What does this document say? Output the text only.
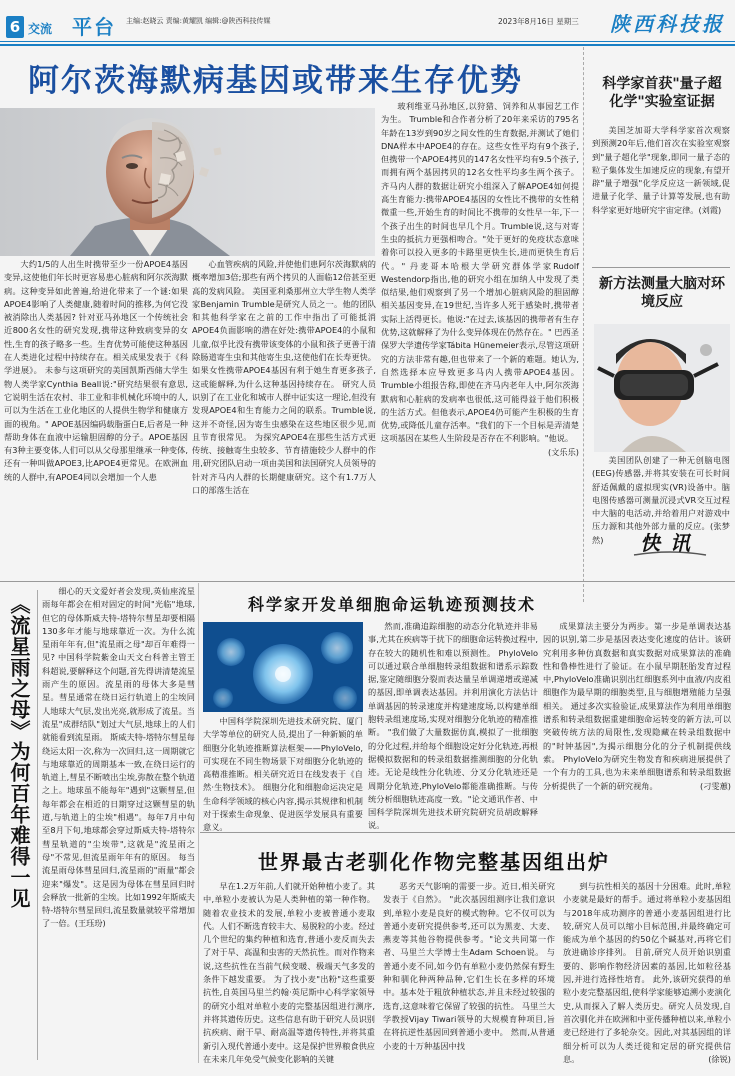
6 交流 平台 主编:赵晓云 责编:黄耀凯 编辑:@陕西科技传媒	2023年8月16日 星期三 陕西科技报
阿尔茨海默病基因或带来生存优势

大约1/5的人出生时携带至少一份APOE4基因变异,这使他们年长时更容易患心脏病和阿尔茨海默病。这种变异如此普遍,给进化带来了一个谜:如果APOE4影响了人类健康,随着时间的推移,为何它没被消除出人类基因? 针对亚马孙地区一个传统社会近800名女性的研究发现,携带这种致病变异的女性,生育的孩子略多一些。生育优势可能使这种基因在人类进化过程中持续存在。相关成果发表于《科学进展》。 未参与这项研究的美国凯斯西储大学生物人类学家Cynthia Beall说:"研究结果很有意思,它说明生活在农村、非工业和非机械化环境中的人,可以为生活在工业化地区的人提供生物学和健康方面的视角。" APOE基因编码载脂蛋白E,后者是一种帮助身体在血液中运输胆固醇的分子。APOE基因有3种主要变体,人们可以从父母那里继承一种变体,还有一种叫做APOE3,比APOE4更常见。在欧洲血统的人群中,有APOE4同以会增加一个人患

心血管疾病的风险,并使他们患阿尔茨海默病的概率增加3倍;那些有两个拷贝的人面临12倍甚至更高的发病风险。 美国亚利桑那州立大学生物人类学家Benjamin Trumble是研究人员之一。他的团队和其他科学家在之前的工作中指出了可能抵消APOE4负面影响的潜在好处:携带APOE4的小鼠和儿童,似乎比没有携带该变体的小鼠和孩子更善于清除肠道寄生虫和其他寄生虫,这使他们在长寿更快。如果女性携带APOE4基因有利于她生育更多孩子,这或能解释,为什么这种基因持续存在。 研究人员识别了在工业化和城市人群中证实这一理论,但没有发现APOE4和生育能力之间的联系。Trumble说,这并不奇怪,因为寄生虫感染在这些地区很少见,而且节育很常见。 为探究APOE4在那些生活方式更传统、接触寄生虫较多、节育措施较少人群中的作用,研究团队启动一项由美国和法国研究人员领导的针对齐马内人群的长期健康研究。这个有1.7万人口的部落生活在

玻利维亚马孙地区,以狩猎、饲养和从事园艺工作为生。 Trumble和合作者分析了20年来采访的795名年龄在13岁到90岁之间女性的生育数据,并测试了她们DNA样本中APOE4的存在。这些女性平均有9个孩子,但携带一个APOE4拷贝的147名女性平均有9.5个孩子,而拥有两个基因拷贝的12名女性平均多生两个孩子。 齐马内人群的数据让研究小组深入了解APOE4如何提高生育能力:携带APOE4基因的女性比不携带的女性稍微重一些,开始生育的时间比不携带的女性早一年,下一个孩子出生的时间也早几个月。Trumble说,这与对寄生虫的抵抗力更强相吻合。"处于更好的免疫状态意味着你可以投入更多的卡路里更快生长,进而更快生育后代。" 丹麦哥本哈根大学研究群体学家Rudolf Westendorp指出,他的研究小组在加纳人中发现了类似结果,他们观察到了另一个增加心脏病风险的胆固醇相关基因变异,在19世纪,当许多人死于感染时,携带者实际上活得更长。他说:"在过去,该基因的携带者有生存优势,这就解释了为什么变异体现在仍然存在。" 巴西圣保罗大学遗传学家Tábita Hünemeier表示,尽管这项研究的方法非常有趣,但也带来了一个新的难题。她认为,自然选择本应导致更多马内人携带APOE4基因。 Trumble小组报告称,即使在齐马内老年人中,阿尔茨海默病和心脏病的发病率也很低,这可能得益于他们积极的生活方式。但他表示,APOE4仍可能产生积极的生育优势,或降低儿童存活率。"我们的下一个目标是弄清楚这项基因在某些人生阶段是否存在不利影响。"他说。
(文乐乐)

科学家首获"量子超化学"实验室证据

美国芝加哥大学科学家首次观察到预测20年后,他们首次在实验室观察到"量子超化学"现象,即同一量子态的粒子集体发生加速反应的现象,有望开辟"量子增强"化学反应这一新领域,促进量子化学、量子计算等发展,也有助科学家更好地研究宇宙定律。(刘霞)

新方法测量大脑对环境反应

美国团队创建了一种无创脑电图(EEG)传感器,并将其安装在可长时间舒适佩戴的虚拟现实(VR)设备中。脑电图传感器可测量沉浸式VR交互过程中大脑的电活动,并给着用户对游戏中压力源和其他外部力量的反应。(张梦然)	快讯
《流星雨之母》为何百年难得一见

细心的天文爱好者会发现,英仙座流星雨每年都会在相对固定的时间"光临"地球,但它的母体斯威夫特-塔特尔彗星却要相隔130多年才能与地球靠近一次。为什么流星雨年年有,但"流星雨之母"却百年难得一见? 中国科学院紫金山天文台科普主管王科超说,要解释这个问题,首先得讲清楚流星雨产生的原因。流星雨的母体大多是彗星。彗星通常在绕日运行轨道上的尘埃同人地球大气层,发出光亮,就形成了流星。当流星"成群结队"划过大气层,地球上的人们就能看到流星雨。 斯威夫特-塔特尔彗星每绕运太阳一次,称为一次回归,这一周期就它与地球靠近的周期基本一致,在绕日运行的轨道上,彗星不断喷出尘埃,弥散在整个轨道之上。地球虽不能每年"遇到"这颗彗星,但每年都会在相近的日期穿过这颗彗星的轨道,与轨道上的尘埃"相遇"。每年7月中旬至8月下旬,地球都会穿过斯威夫特-塔特尔彗星轨道的"尘埃带",这就是"流星雨之母"不常见,但流星雨年年有的原因。 每当流星雨母体彗星回归,流星雨的"雨量"都会迎来"爆发"。这是因为母体在彗星回归时会释放一批新的尘埃。比如1992年斯威夫特-塔特尔彗星回归,流星数量就较平常增加了一倍。(王珏玢)

科学家开发单细胞命运轨迹预测技术

中国科学院深圳先进技术研究院、厦门大学等单位的研究人员,提出了一种新颖的单细胞分化轨迹推断算法框架——PhyloVelo,可实现在不同生物场景下对细胞分化轨迹的高精准推断。相关研究近日在线发表于《自然·生物技术》。 细胞分化和细胞命运决定是生命科学领域的核心内容,揭示其规律和机制对于探索生命现象、促进医学发展具有重要意义。

然而,准确追踪细胞的动态分化轨迹并非易事,尤其在疾病等于扰下的细胞命运转换过程中,存在较大的随机性和难以预测性。 PhyloVelo可以通过联合单细胞转录组数据和谱系示踪数据,鉴定随细胞分裂而表达量呈单调递增或递减的基因,即单调表达基因。并利用演化方法估计单调基因的转录速度并构建速度场,以构建单细胞转录组速度场,实现对细胞分化轨迹的精准推断。 "我们做了大量数据仿真,模拟了一批细胞的分化过程,并给每个细胞设定好分化轨迹,再根据模拟数据和的转录组数据推测细胞的分化轨迹。无论是线性分化轨迹、分叉分化轨迹还是周期分化轨迹,PhyloVelo都能准确推断。与传统分析细胞轨迹高度一致。"论文通讯作者、中国科学院深圳先进技术研究院研究员胡政解释说。

成果算法主要分为两步。第一步是单调表达基因的识别,第二步是基因表达变化速度的估计。该研究利用多种仿真数据和真实数据对成果算法的准确性和鲁棒性进行了验证。在小鼠早期胚胎发育过程中,PhyloVelo准确识别出红细胞系列中血液/内皮祖细胞作为最早期的细胞类型,且与细胞增殖能力呈强相关。 通过多次实验验证,成果算法作为利用单细胞谱系和转录组数据重建细胞命运转变的新方法,可以突破传统方法的局限性,发现隐藏在转录组数据中的"时钟基因",为揭示细胞分化的分子机制提供线索。 PhyloVelo为研究生物发育和疾病进展提供了一个有力的工具,也为未来单细胞谱系和转录组数据分析提供了一个新的研究视角。	(刁雯蕙)

世界最古老驯化作物完整基因组出炉

早在1.2万年前,人们就开始种植小麦了。其中,单粒小麦被认为是人类种植的第一种作物。 随着农业技术的发展,单粒小麦被普通小麦取代。人们不断选育较丰大、易脱粒的小麦。经过几个世纪的集约种植和选育,普通小麦反而失去了对于旱、高温和虫害的天然抗性。而对作物来说,这些抗性在当前气候变暖、极端天气多发的条件下越发重要。 为了找小麦"出粉"这些重要抗性,自英国马里兰约翰·英尼斯中心科学家领导的研究小组对单粒小麦的完整基因组进行测序,并将其遗传历史。这些信息有助于研究人员识别抗疾病、耐干旱、耐高温等遗传特性,并将其重新引入现代普通小麦中。这是保护世界粮食供应在未来几年免受气候变化影响的关键

恶劣天气影响的需要一步。近日,相关研究发表于《自然》。 "此次基因组测序让我们意识到,单粒小麦是良好的模式物种。它不仅可以为普通小麦研究提供参考,还可以为黑麦、大麦、燕麦等其他谷物提供参考。"论文共同第一作者、马里兰大学博士生Adam Schoen说。 与普通小麦不同,如今仍有单粒小麦仍然保有野生种和驯化种两种品种,它们生长在多样的环境中。基本处于粗放种植状态,并且未经过较强的选育,这意味着它保留了较强的抗性。 马里兰大学教授Vijay Tiwari领导的大规模育种项目,旨在将抗逆性基因回到普通小麦中。 然而,从普通小麦的十万种基因中找

到与抗性相关的基因十分困难。此时,单粒小麦就是最好的帮手。通过将单粒小麦基因组与2018年成功测序的普通小麦基因组进行比较,研究人员可以缩小目标范围,并最终确定可能成为单个基因的约50亿个碱基对,再将它们放进确诊序排列。 目前,研究人员开始识别重要的、影响作物经济因素的基因,比如粒径基因,并进行选择性培育。 此外,该研究获得的单粒小麦完整基因组,使科学家能够追溯小麦演化史,从而探入了解人类历史。研究人员发现,自首次驯化并在欧洲和中亚传播种植以来,单粒小麦已经进行了多轮杂交。因此,对其基因组的详细分析可以为人类迁徙和定居的研究提供信息。	(徐锐)
